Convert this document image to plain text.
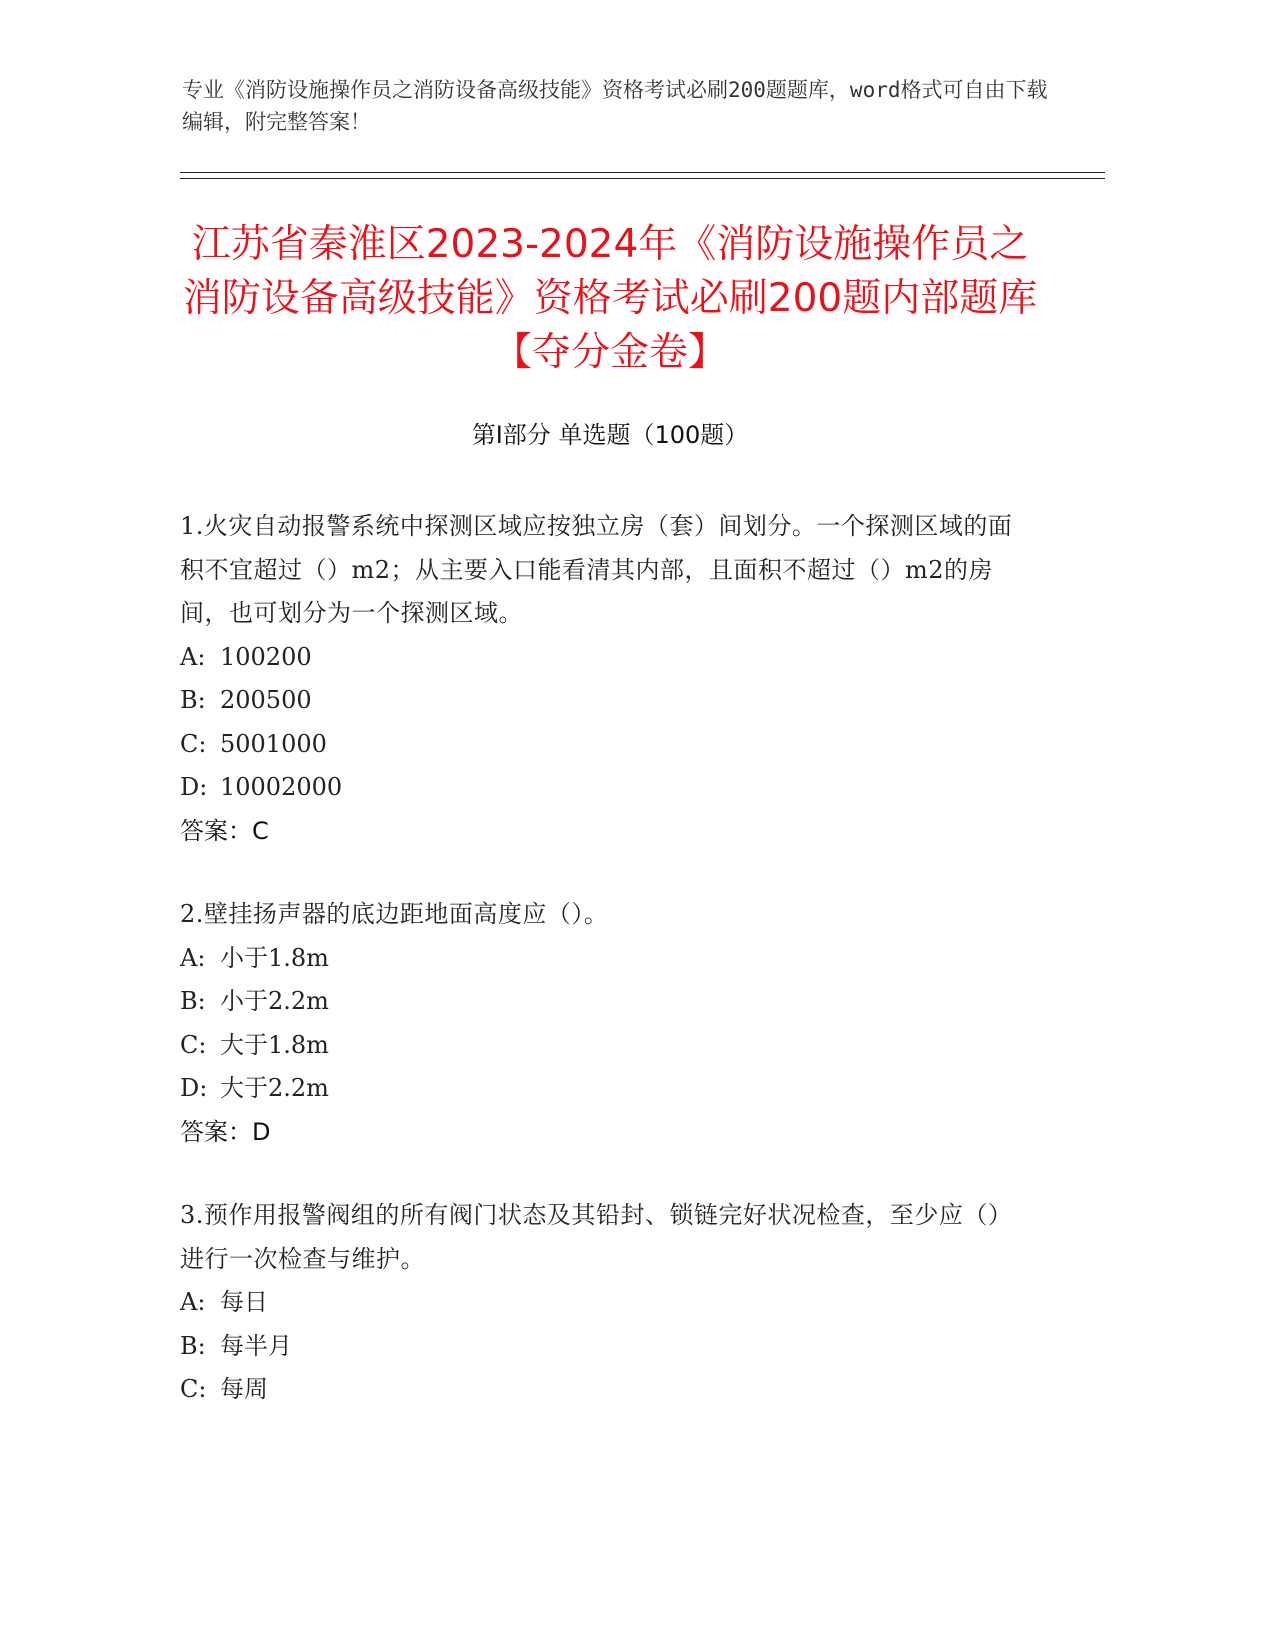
专业《消防设施操作员之消防设备高级技能》资格考试必刷200题题库，word格式可自由下载编辑，附完整答案！
江苏省秦淮区2023-2024年《消防设施操作员之消防设备高级技能》资格考试必刷200题内部题库【夺分金卷】
第I部分 单选题（100题）
1.火灾自动报警系统中探测区域应按独立房（套）间划分。一个探测区域的面积不宜超过（）m2；从主要入口能看清其内部，且面积不超过（）m2的房间，也可划分为一个探测区域。
A: 100200
B: 200500
C: 5001000
D: 10002000
答案：C
2.壁挂扬声器的底边距地面高度应（）。
A: 小于1.8m
B: 小于2.2m
C: 大于1.8m
D: 大于2.2m
答案：D
3.预作用报警阀组的所有阀门状态及其铅封、锁链完好状况检查，至少应（）进行一次检查与维护。
A: 每日
B: 每半月
C: 每周
